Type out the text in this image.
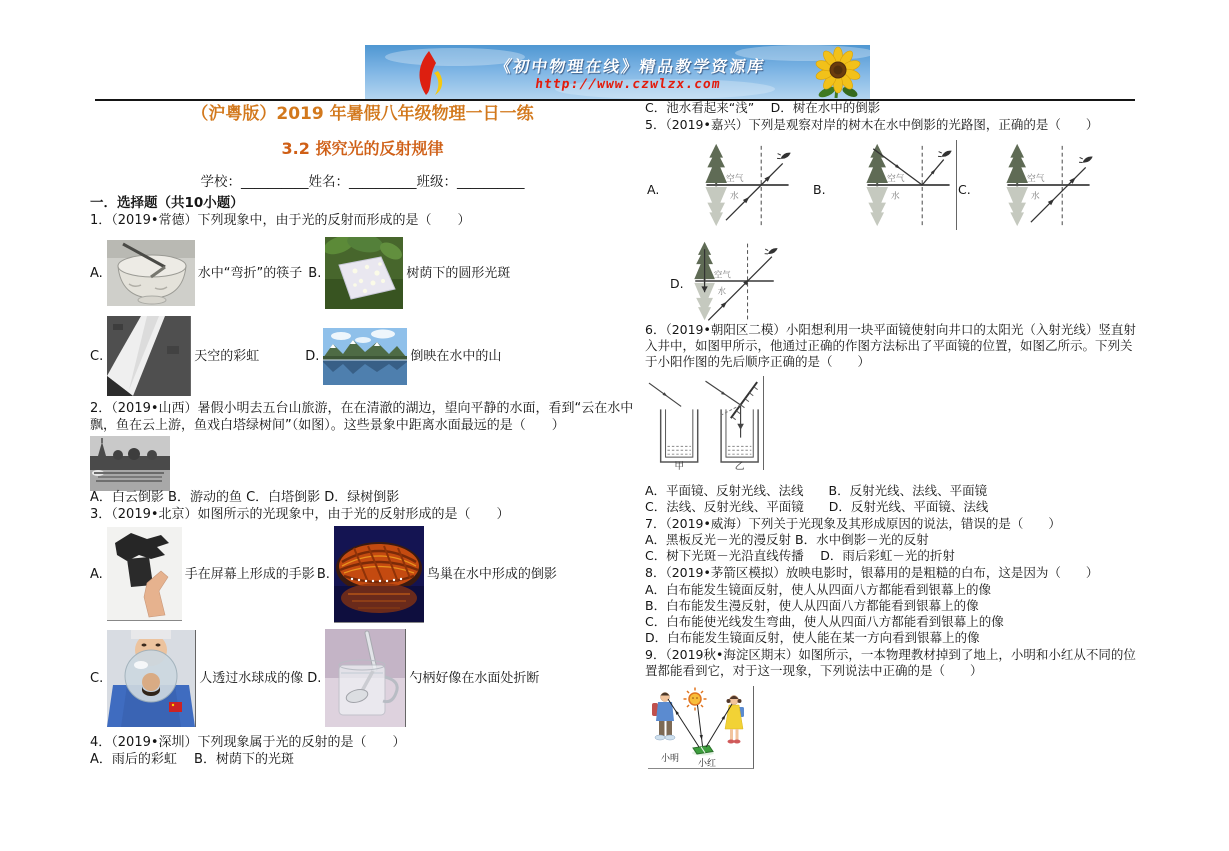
《初中物理在线》精品教学资源库
http://www.czwlzx.com
（沪粤版）2019 年暑假八年级物理一日一练
3.2 探究光的反射规律
学校：__________姓名：__________班级：__________
一．选择题（共10小题）
1．（2019•常德）下列现象中，由于光的反射而形成的是（　　）
A.	水中“弯折”的筷子 B.	树荫下的圆形光斑
C.	天空的彩虹	D.	倒映在水中的山
2．（2019•山西）暑假小明去五台山旅游，在在清澈的湖边，望向平静的水面，看到“云在水中飘，鱼在云上游，鱼戏白塔绿树间”（如图）。这些景象中距离水面最远的是（　　）
A．白云倒影 B．游动的鱼 C．白塔倒影 D．绿树倒影
3．（2019•北京）如图所示的光现象中，由于光的反射形成的是（　　）
A.	手在屏幕上形成的手影 B.	鸟巢在水中形成的倒影
C.	人透过水球成的像 D.	勺柄好像在水面处折断
4．（2019•深圳）下列现象属于光的反射的是（　　）
A．雨后的彩虹　 B．树荫下的光斑
C．池水看起来“浅”　 D．树在水中的倒影
5．（2019•嘉兴）下列是观察对岸的树木在水中倒影的光路图，正确的是（　　）
A.
空气
水	B.
空气
水	C.
空气
水
D.
空气
水
6．（2019•朝阳区二模）小阳想利用一块平面镜使射向井口的太阳光（入射光线）竖直射入井中，如图甲所示，他通过正确的作图方法标出了平面镜的位置，如图乙所示。下列关于小阳作图的先后顺序正确的是（　　）
甲	乙
A．平面镜、反射光线、法线　　B．反射光线、法线、平面镜
C．法线、反射光线、平面镜　　D．反射光线、平面镜、法线
7．（2019•威海）下列关于光现象及其形成原因的说法，错误的是（　　）
A．黑板反光－光的漫反射 B．水中倒影－光的反射
C．树下光斑－光沿直线传播　 D．雨后彩虹－光的折射
8．（2019•茅箭区模拟）放映电影时，银幕用的是粗糙的白布，这是因为（　　）
A．白布能发生镜面反射，使人从四面八方都能看到银幕上的像
B．白布能发生漫反射，使人从四面八方都能看到银幕上的像
C．白布能使光线发生弯曲，使人从四面八方都能看到银幕上的像
D．白布能发生镜面反射，使人能在某一方向看到银幕上的像
9．（2019秋•海淀区期末）如图所示，一本物理教材掉到了地上，小明和小红从不同的位置都能看到它，对于这一现象，下列说法中正确的是（　　）
小明 小红
